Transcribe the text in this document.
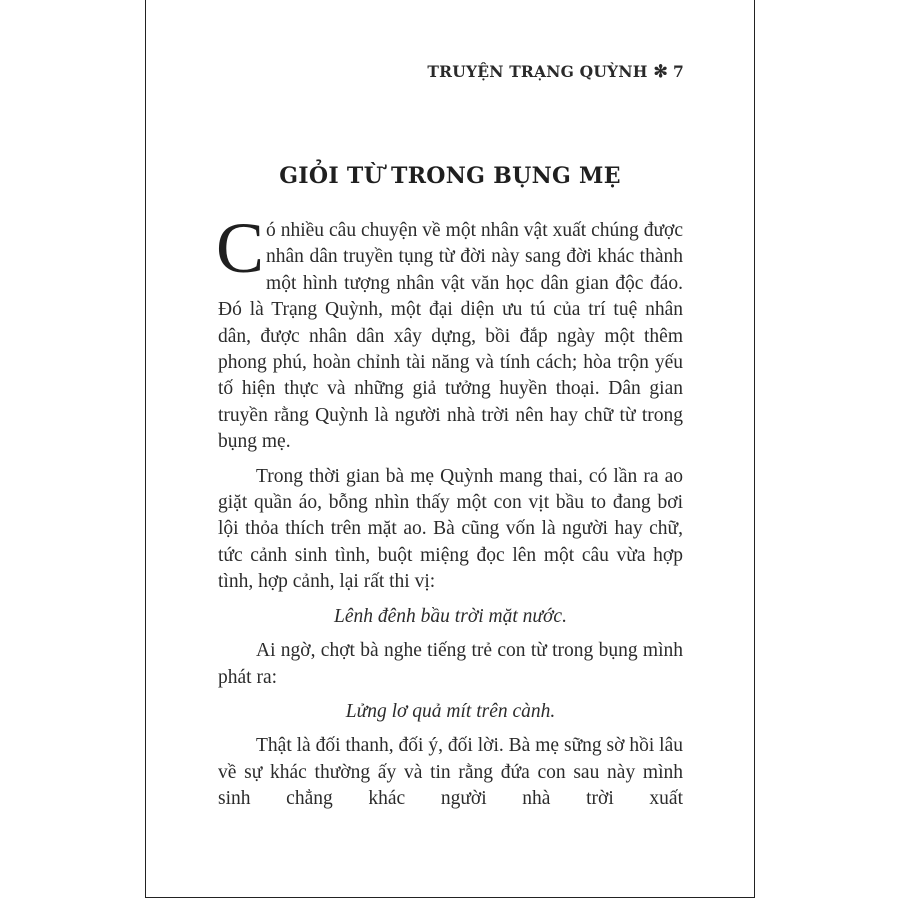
TRUYỆN TRẠNG QUỲNH ✻ 7
GIỎI TỪ TRONG BỤNG MẸ

Có nhiều câu chuyện về một nhân vật xuất chúng được nhân dân truyền tụng từ đời này sang đời khác thành một hình tượng nhân vật văn học dân gian độc đáo. Đó là Trạng Quỳnh, một đại diện ưu tú của trí tuệ nhân dân, được nhân dân xây dựng, bồi đắp ngày một thêm phong phú, hoàn chỉnh tài năng và tính cách; hòa trộn yếu tố hiện thực và những giả tưởng huyền thoại. Dân gian truyền rằng Quỳnh là người nhà trời nên hay chữ từ trong bụng mẹ.

Trong thời gian bà mẹ Quỳnh mang thai, có lần ra ao giặt quần áo, bỗng nhìn thấy một con vịt bầu to đang bơi lội thỏa thích trên mặt ao. Bà cũng vốn là người hay chữ, tức cảnh sinh tình, buột miệng đọc lên một câu vừa hợp tình, hợp cảnh, lại rất thi vị:

Lênh đênh bầu trời mặt nước.

Ai ngờ, chợt bà nghe tiếng trẻ con từ trong bụng mình phát ra:

Lửng lơ quả mít trên cành.

Thật là đối thanh, đối ý, đối lời. Bà mẹ sững sờ hồi lâu về sự khác thường ấy và tin rằng đứa con sau này mình sinh chẳng khác người nhà trời xuất
